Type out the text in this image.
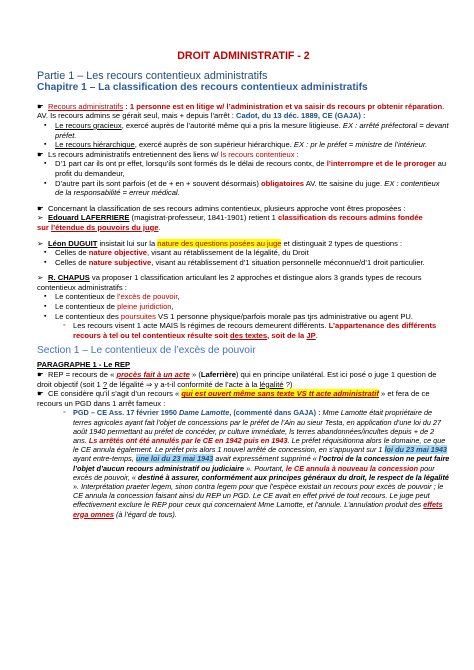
DROIT ADMINISTRATIF - 2
Partie 1 – Les recours contentieux administratifs
Chapitre 1 – La classification des recours contentieux administratifs

☛ Recours administratifs : 1 personne est en litige w/ l’administration et va saisir ds recours pr obtenir réparation. AV. Is recours admins se gérait seul, mais + depuis l’arrêt : Cadot, du 13 déc. 1889, CE (GAJA) :

▪ Le recours gracieux, exercé auprès de l’autorité même qui a pris la mesure litigieuse. EX : arrêté préfectoral = devant préfet.
▪ Le recours hiérarchique, exercé auprès de son supérieur hiérarchique. EX : pr le préfet = ministre de l’intérieur.

☛ Ls recours administratifs entretiennent des liens w/ ls recours contentieux :

▪ D’1 part car ils ont pr effet, lorsqu’ils sont formés ds le délai de recours contx, de l’interrompre et de le proroger au profit du demandeur,
▪ D’autre part ils sont parfois (et de + en + souvent désormais) obligatoires AV. tte saisine du juge. EX : contentieux de la responsabilité = erreur médical.

☛ Concernant la classification de ses recours admins contentieux, plusieurs approche vont êtres proposées :

➢ Edouard LAFERRIERE (magistrat-professeur, 1841-1901) retient 1 classification ds recours admins fondée
sur l’étendue ds pouvoirs du juge.

➢ Léon DUGUIT insistait lui sur la nature des questions posées au juge et distinguait 2 types de questions :

▪ Celles de nature objective, visant au rétablissement de la légalité, du Droit
▪ Celles de nature subjective, visant au rétablissement d’1 situation personnelle méconnue/d’1 droit particulier.

➢ R. CHAPUS va proposer 1 classification articulant les 2 approches et distingue alors 3 grands types de recours contentieux administratifs :

▪ Le contentieux de l’excès de pouvoir,
▪ Le contentieux de pleine juridiction,
▪ Le contentieux des poursuites VS 1 personne physique/parfois morale pas tjrs administrative ou agent PU.
◦ Les recours visent 1 acte MAIS ls régimes de recours demeurent différents. L’appartenance des différents recours à tel ou tel contentieux résulte soit des textes, soit de la JP.
Section 1 – Le contentieux de l’excès de pouvoir
PARAGRAPHE 1 - Le REP

☛ REP = recours de « procès fait à un acte » (Laferrière) qui en principe unilatéral. Est ici posé o juge 1 question de droit objectif (soit 1 ? de légalité ⇒ y a-t-il conformité de l’acte à la légalité ?)

☛ CE considère qu’il s’agit d’un recours « qui est ouvert même sans texte VS tt acte administratif » et fera de ce recours un PGD dans 1 arrêt fameux :

◦ PGD – CE Ass. 17 février 1950 Dame Lamotte, (commenté dans GAJA) : Mme Lamotte était propriétaire de terres agricoles ayant fait l’objet de concessions par le préfet de l’Ain au sieur Testa, en application d’une loi du 27 août 1940 permettant au préfet de concéder, pr culture immédiate, ls terres abandonnées/incultes depuis + de 2 ans. Ls arrêtés ont été annulés par le CE en 1942 puis en 1943. Le préfet réquisitionna alors le domaine, ce que le CE annula également. Le préfet pris alors 1 nouvel arrêté de concession, en s’appuyant sur 1 loi du 23 mai 1943 ayant entre-temps, une loi du 23 mai 1943 avait expressément supprimé « l’octroi de la concession ne peut faire l’objet d’aucun recours administratif ou judiciaire ». Pourtant, le CE annula à nouveau la concession pour excès de pouvoir, « destiné à assurer, conformément aux principes généraux du droit, le respect de la légalité ». Interprétation praeter legem, sinon contra legem pour que l’espèce existait un recours pour excès de pouvoir ; le CE annula la concession faisant ainsi du REP un PGD. Le CE avait en effet privé de tout recours. Le juge peut effectivement exclure le REP pour ceux qui concernaient Mme Lamotte, et l’annule. L’annulation produit des effets erga omnes (à l’égard de tous).
